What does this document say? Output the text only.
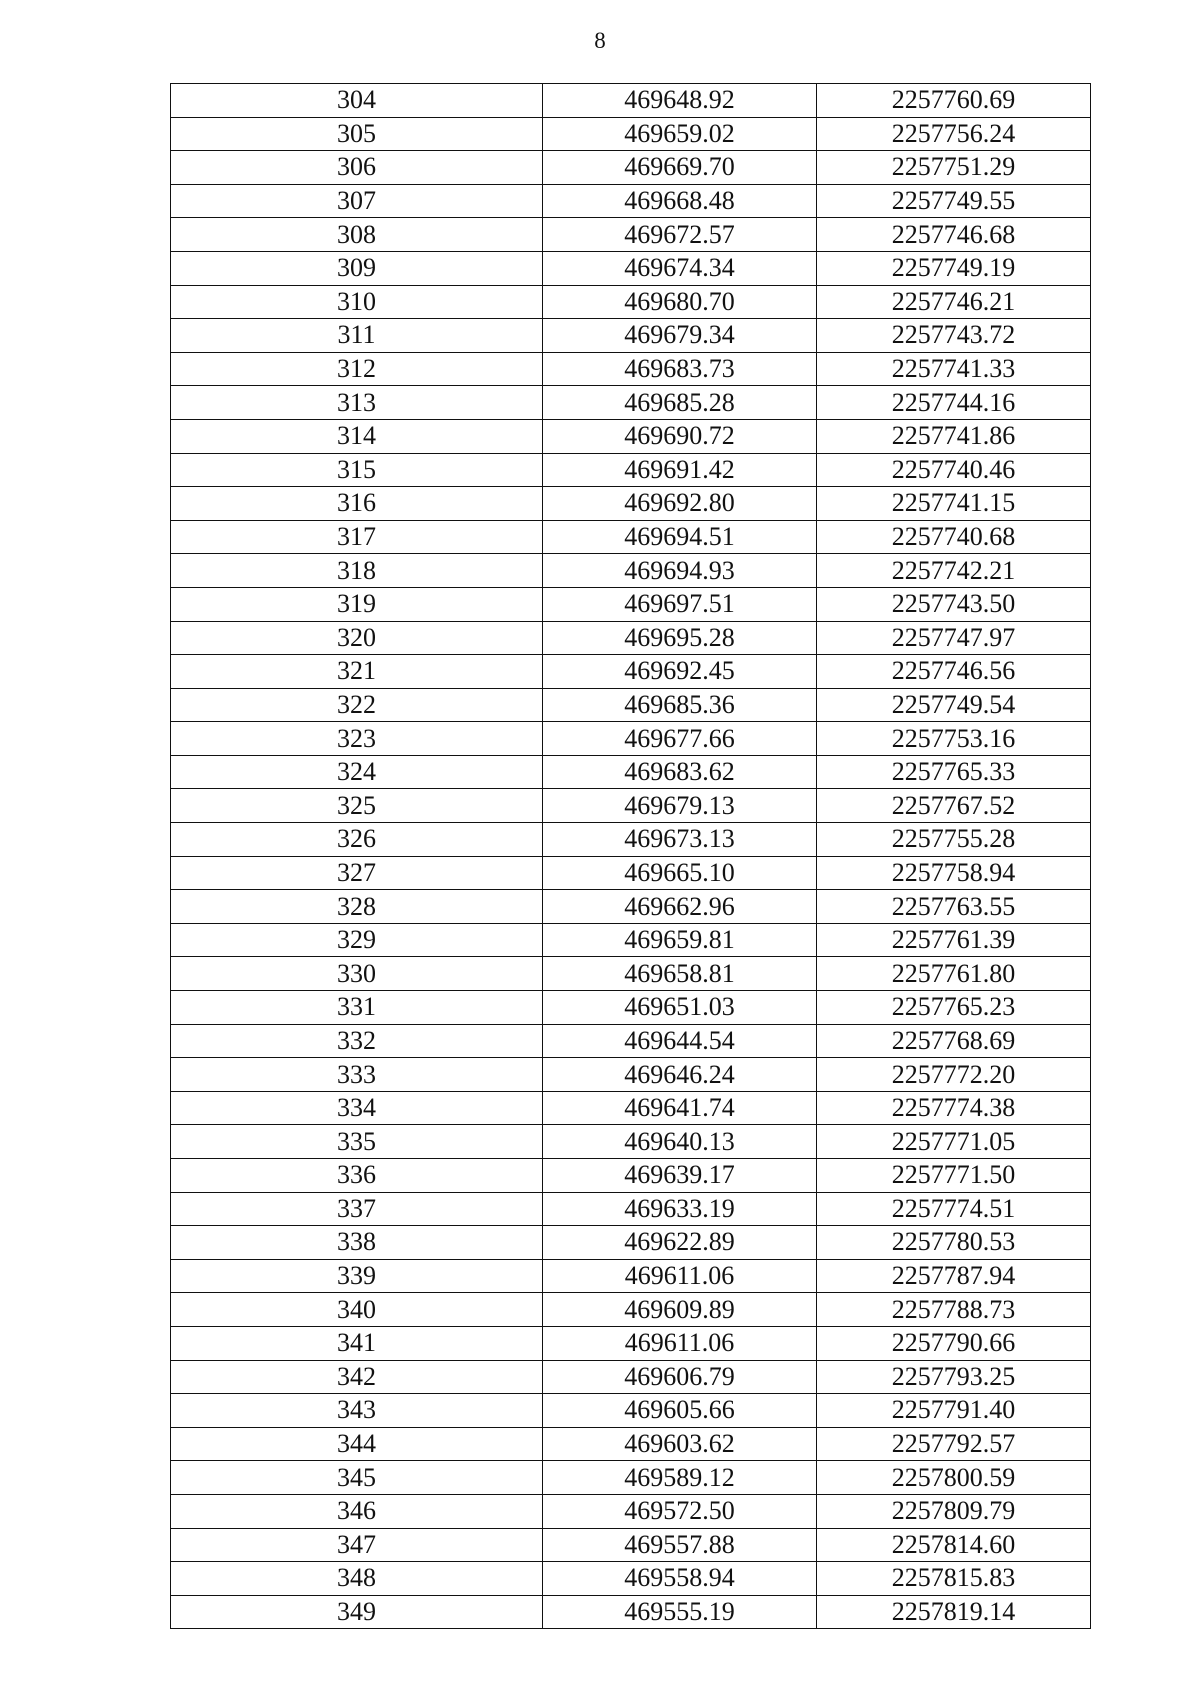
8
304	469648.92	2257760.69
305	469659.02	2257756.24
306	469669.70	2257751.29
307	469668.48	2257749.55
308	469672.57	2257746.68
309	469674.34	2257749.19
310	469680.70	2257746.21
311	469679.34	2257743.72
312	469683.73	2257741.33
313	469685.28	2257744.16
314	469690.72	2257741.86
315	469691.42	2257740.46
316	469692.80	2257741.15
317	469694.51	2257740.68
318	469694.93	2257742.21
319	469697.51	2257743.50
320	469695.28	2257747.97
321	469692.45	2257746.56
322	469685.36	2257749.54
323	469677.66	2257753.16
324	469683.62	2257765.33
325	469679.13	2257767.52
326	469673.13	2257755.28
327	469665.10	2257758.94
328	469662.96	2257763.55
329	469659.81	2257761.39
330	469658.81	2257761.80
331	469651.03	2257765.23
332	469644.54	2257768.69
333	469646.24	2257772.20
334	469641.74	2257774.38
335	469640.13	2257771.05
336	469639.17	2257771.50
337	469633.19	2257774.51
338	469622.89	2257780.53
339	469611.06	2257787.94
340	469609.89	2257788.73
341	469611.06	2257790.66
342	469606.79	2257793.25
343	469605.66	2257791.40
344	469603.62	2257792.57
345	469589.12	2257800.59
346	469572.50	2257809.79
347	469557.88	2257814.60
348	469558.94	2257815.83
349	469555.19	2257819.14
